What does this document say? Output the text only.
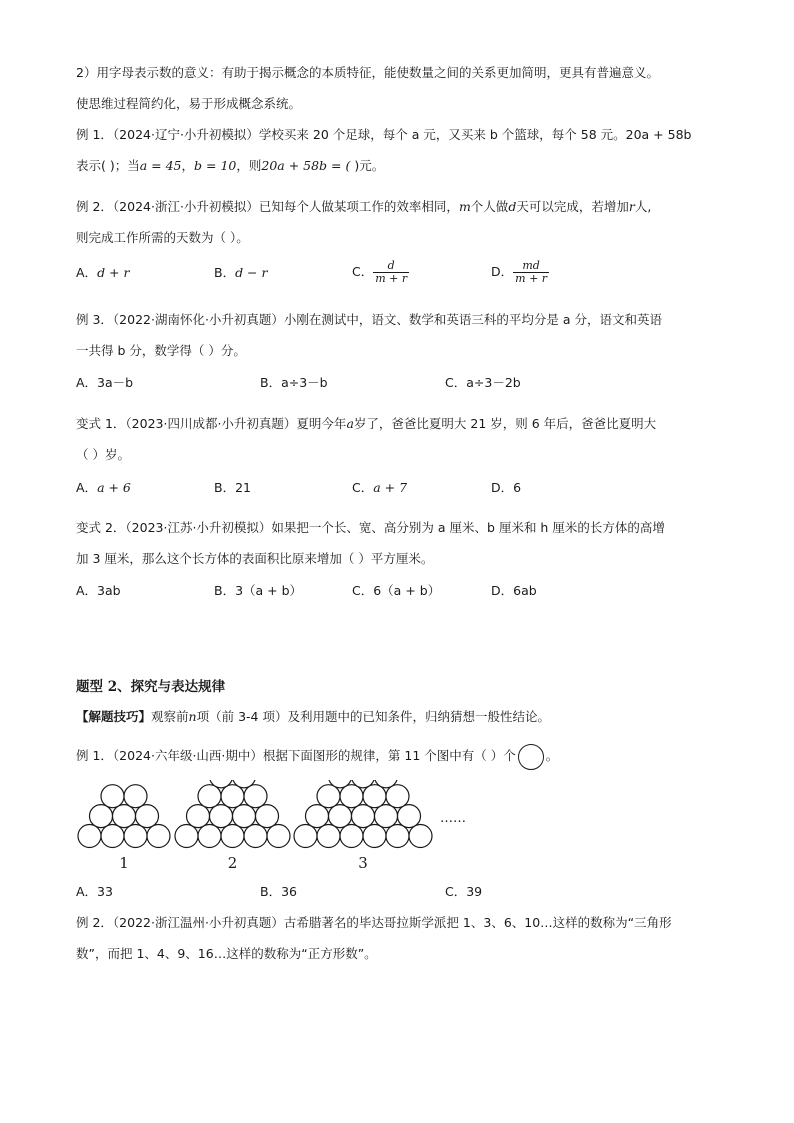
2）用字母表示数的意义：有助于揭示概念的本质特征，能使数量之间的关系更加简明，更具有普遍意义。
使思维过程简约化，易于形成概念系统。
例 1．（2024·辽宁·小升初模拟）学校买来 20 个足球，每个 a 元，又买来 b 个篮球，每个 58 元。20a + 58b
表示( )；当a = 45，b = 10，则20a + 58b = ( )元。
例 2．（2024·浙江·小升初模拟）已知每个人做某项工作的效率相同，m个人做d天可以完成，若增加r人,
则完成工作所需的天数为（ ）。
A．d + r	B．d − r	C． $\frac{d}{m + r}$	D． $\frac{md}{m + r}$
例 3．（2022·湖南怀化·小升初真题）小刚在测试中，语文、数学和英语三科的平均分是 a 分，语文和英语
一共得 b 分，数学得（ ）分。
A．3a－b	B．a÷3－b	C．a÷3－2b
变式 1．（2023·四川成都·小升初真题）夏明今年a岁了，爸爸比夏明大 21 岁，则 6 年后，爸爸比夏明大
（ ）岁。
A．a + 6	B．21	C．a + 7	D．6
变式 2．（2023·江苏·小升初模拟）如果把一个长、宽、高分别为 a 厘米、b 厘米和 h 厘米的长方体的高增
加 3 厘米，那么这个长方体的表面积比原来增加（ ）平方厘米。
A．3ab	B．3（a + b）	C．6（a + b）	D．6ab
题型 2、探究与表达规律
【解题技巧】观察前n项（前 3-4 项）及利用题中的已知条件，归纳猜想一般性结论。
例 1．（2024·六年级·山西·期中）根据下面图形的规律，第 11 个图中有（ ）个 。
1	2	3
……
A．33	B．36	C．39
例 2．（2022·浙江温州·小升初真题）古希腊著名的毕达哥拉斯学派把 1、3、6、10…这样的数称为“三角形
数”，而把 1、4、9、16…这样的数称为“正方形数”。
